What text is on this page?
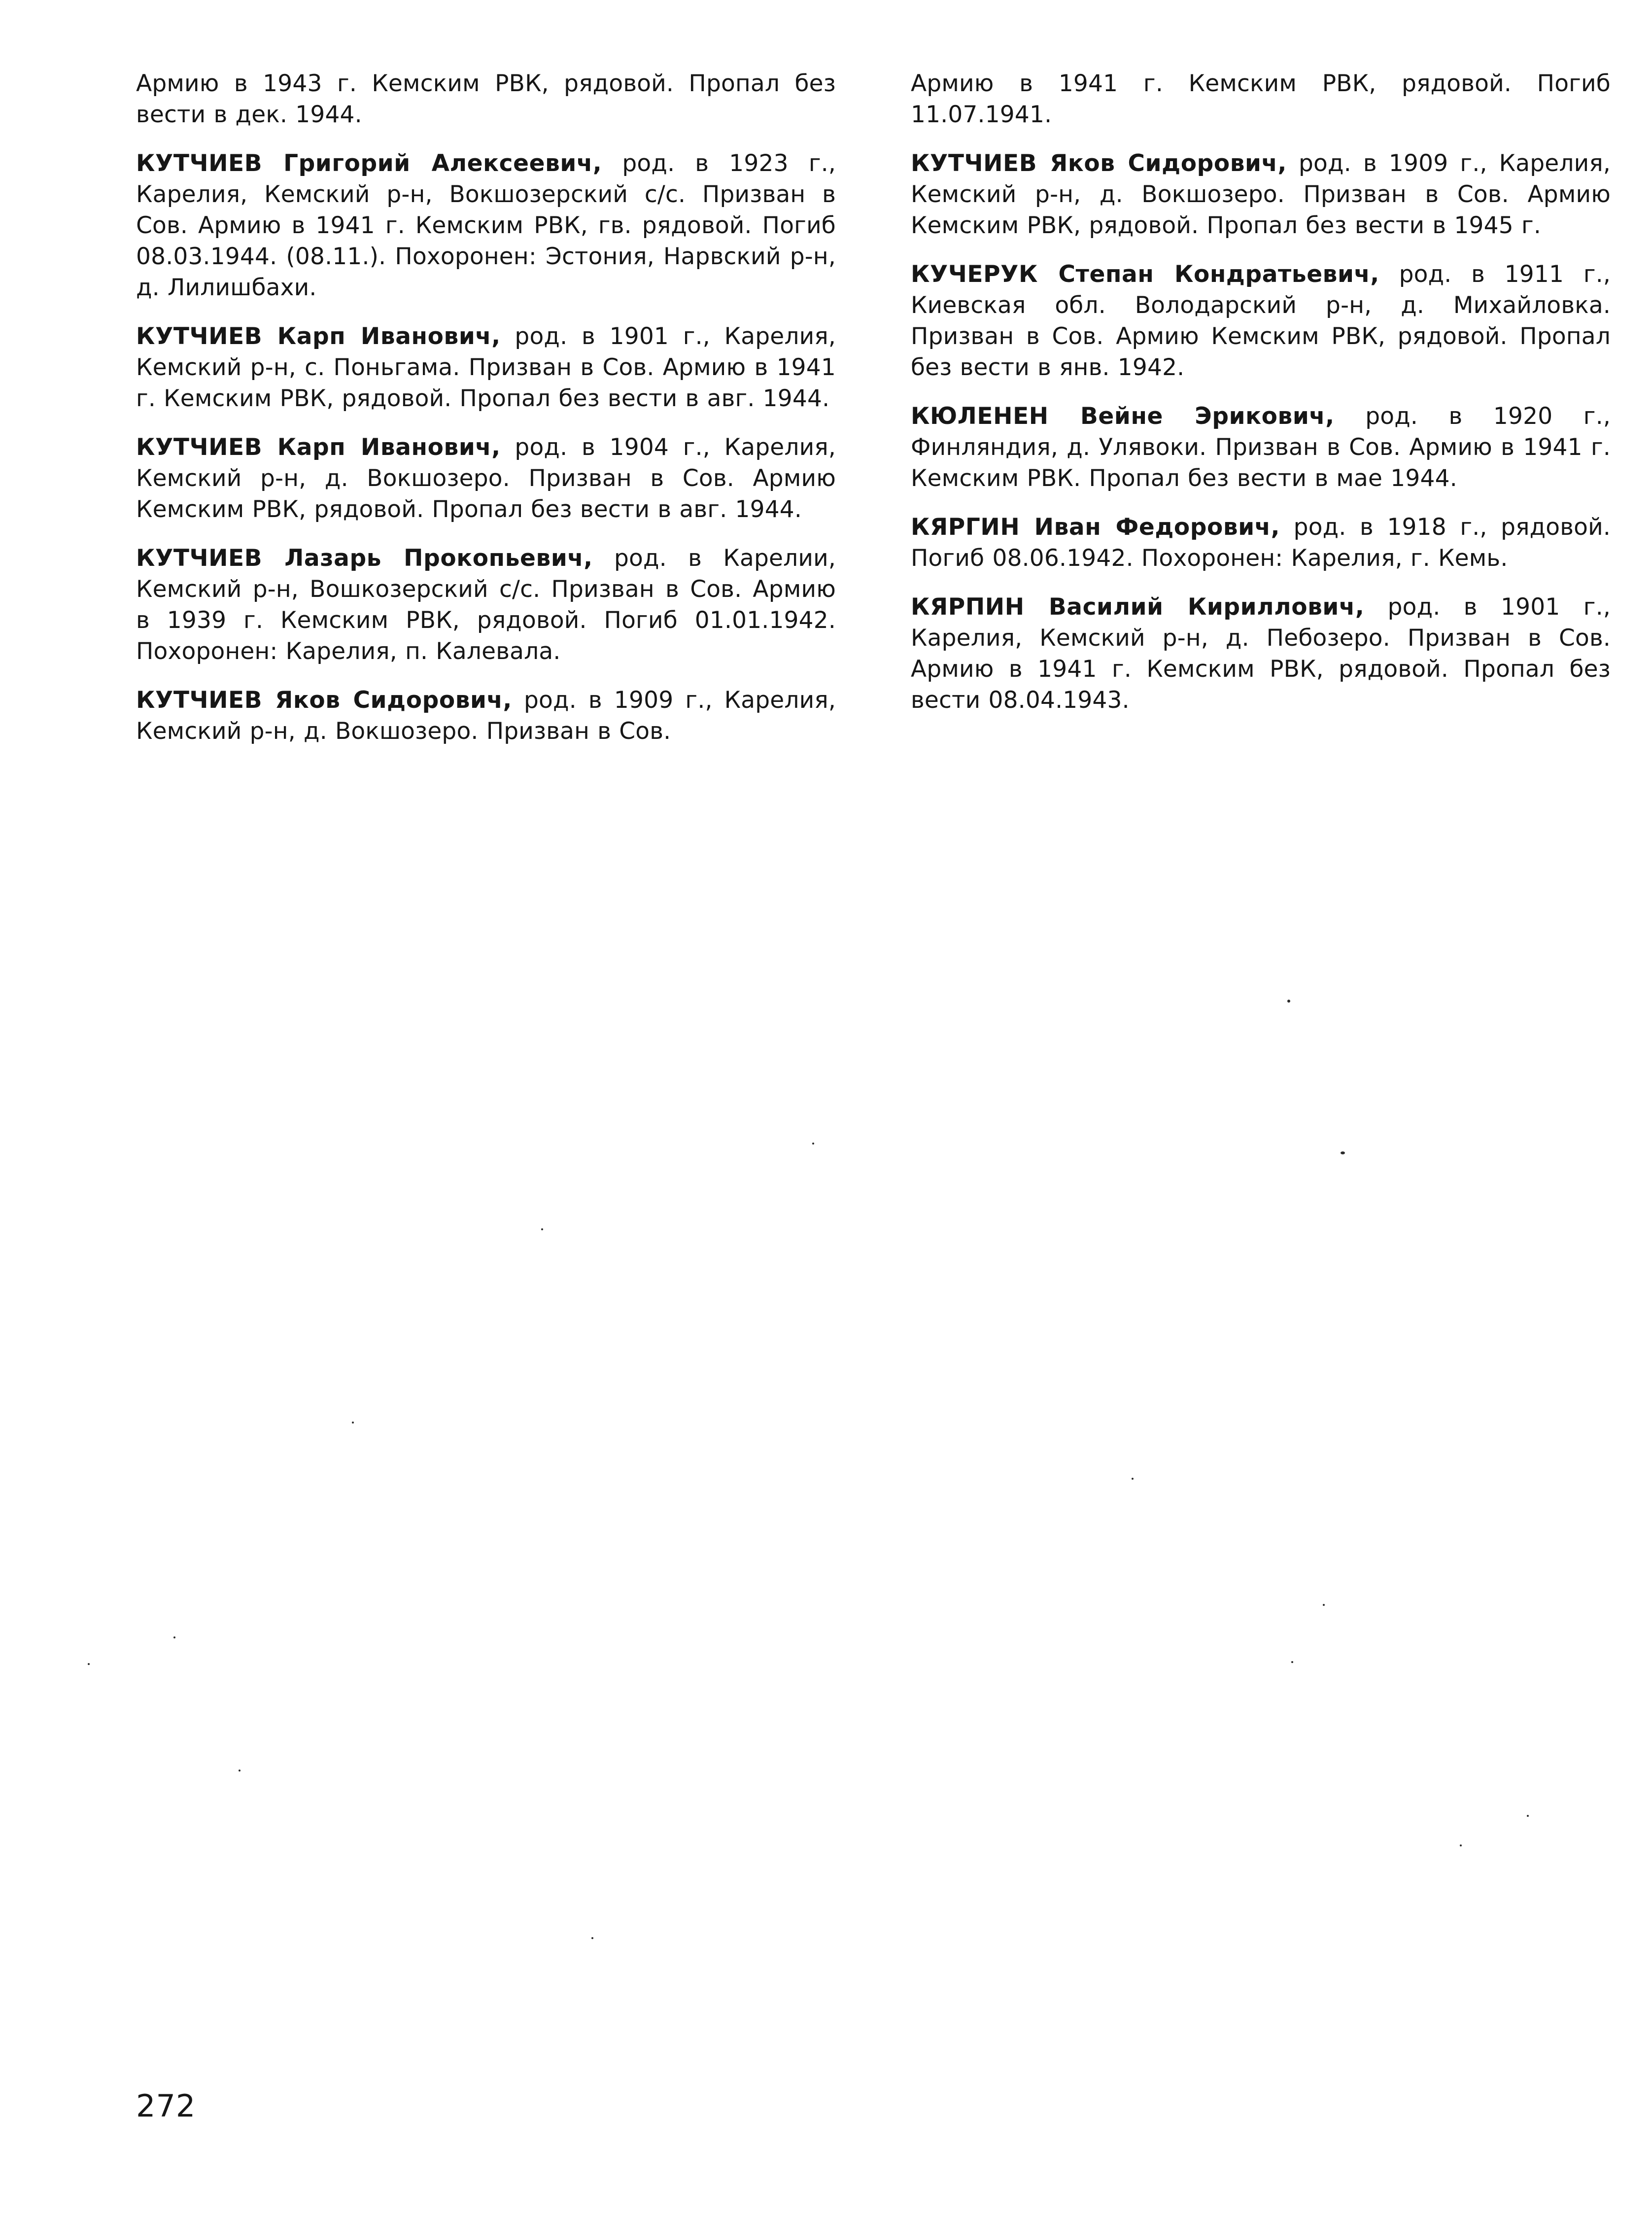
Армию в 1943 г. Кемским РВК, рядовой. Пропал без вести в дек. 1944.

КУТЧИЕВ Григорий Алексеевич, род. в 1923 г., Карелия, Кемский р-н, Вокшозерский с/с. Призван в Сов. Армию в 1941 г. Кемским РВК, гв. рядовой. Погиб 08.03.1944. (08.11.). Похоронен: Эстония, Нарвский р-н, д. Лилишбахи.

КУТЧИЕВ Карп Иванович, род. в 1901 г., Карелия, Кемский р-н, с. Поньгама. Призван в Сов. Армию в 1941 г. Кемским РВК, рядовой. Пропал без вести в авг. 1944.

КУТЧИЕВ Карп Иванович, род. в 1904 г., Карелия, Кемский р-н, д. Вокшозеро. Призван в Сов. Армию Кемским РВК, рядовой. Пропал без вести в авг. 1944.

КУТЧИЕВ Лазарь Прокопьевич, род. в Карелии, Кемский р-н, Вошкозерский с/с. Призван в Сов. Армию в 1939 г. Кемским РВК, рядовой. Погиб 01.01.1942. Похоронен: Карелия, п. Калевала.

КУТЧИЕВ Яков Сидорович, род. в 1909 г., Карелия, Кемский р-н, д. Вокшозеро. Призван в Сов.

Армию в 1941 г. Кемским РВК, рядовой. Погиб 11.07.1941.

КУТЧИЕВ Яков Сидорович, род. в 1909 г., Карелия, Кемский р-н, д. Вокшозеро. Призван в Сов. Армию Кемским РВК, рядовой. Пропал без вести в 1945 г.

КУЧЕРУК Степан Кондратьевич, род. в 1911 г., Киевская обл. Володарский р-н, д. Михайловка. Призван в Сов. Армию Кемским РВК, рядовой. Пропал без вести в янв. 1942.

КЮЛЕНЕН Вейне Эрикович, род. в 1920 г., Финляндия, д. Улявоки. Призван в Сов. Армию в 1941 г. Кемским РВК. Пропал без вести в мае 1944.

КЯРГИН Иван Федорович, род. в 1918 г., рядовой. Погиб 08.06.1942. Похоронен: Карелия, г. Кемь.

КЯРПИН Василий Кириллович, род. в 1901 г., Карелия, Кемский р-н, д. Пебозеро. Призван в Сов. Армию в 1941 г. Кемским РВК, рядовой. Пропал без вести 08.04.1943.

272
